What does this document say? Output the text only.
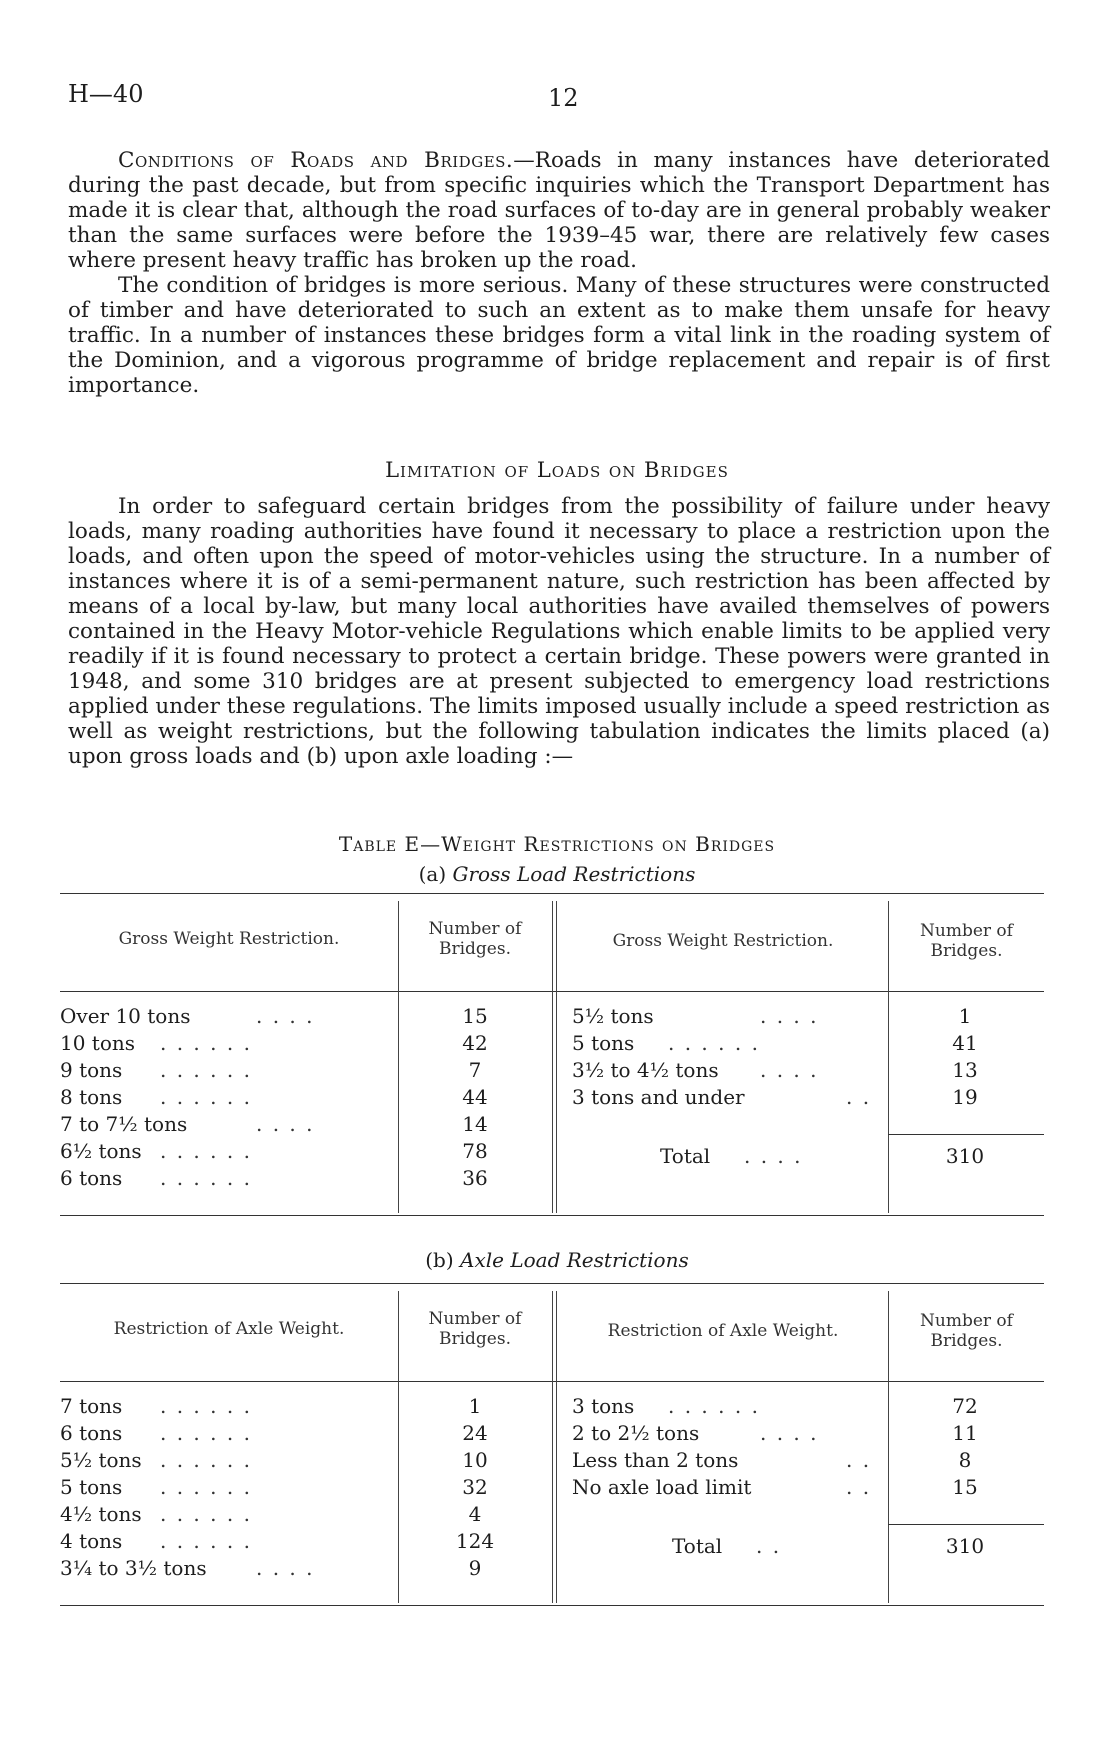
H—40	12

Conditions of Roads and Bridges.—Roads in many instances have deteriorated during the past decade, but from specific inquiries which the Transport Department has made it is clear that, although the road surfaces of to-day are in general probably weaker than the same surfaces were before the 1939–45 war, there are relatively few cases where present heavy traffic has broken up the road.

The condition of bridges is more serious. Many of these structures were constructed of timber and have deteriorated to such an extent as to make them unsafe for heavy traffic. In a number of instances these bridges form a vital link in the roading system of the Dominion, and a vigorous programme of bridge replacement and repair is of first importance.

Limitation of Loads on Bridges

In order to safeguard certain bridges from the possibility of failure under heavy loads, many roading authorities have found it necessary to place a restriction upon the loads, and often upon the speed of motor-vehicles using the structure. In a number of instances where it is of a semi-permanent nature, such restriction has been affected by means of a local by-law, but many local authorities have availed themselves of powers contained in the Heavy Motor-vehicle Regulations which enable limits to be applied very readily if it is found necessary to protect a certain bridge. These powers were granted in 1948, and some 310 bridges are at present subjected to emergency load restrictions applied under these regulations. The limits imposed usually include a speed restriction as well as weight restrictions, but the following tabulation indicates the limits placed (a) upon gross loads and (b) upon axle loading :—

Table E—Weight Restrictions on Bridges
(a) Gross Load Restrictions
Gross Weight Restriction.	Number of Bridges.	Gross Weight Restriction.	Number of Bridges.
Over 10 tons	. . . .	15
10 tons . . . . . .	42
9 tons . . . . . .	7
8 tons . . . . . .	44
7 to 7½ tons	. . . .	14
6½ tons . . . . . .	78
6 tons . . . . . .	36
5½ tons	. . . .	1
5 tons . . . . . .	41
3½ to 4½ tons . . . .	13
3 tons and under	. .	19
Total . . . .	310
(b) Axle Load Restrictions
Restriction of Axle Weight.	Number of Bridges.	Restriction of Axle Weight.	Number of Bridges.
7 tons . . . . . .	1
6 tons . . . . . .	24
5½ tons . . . . . .	10
5 tons . . . . . .	32
4½ tons . . . . . .	4
4 tons . . . . . .	124
3¼ to 3½ tons . . . .	9
3 tons . . . . . .	72
2 to 2½ tons	. . . .	11
Less than 2 tons	. .	8
No axle load limit	. .	15
Total . .	310
